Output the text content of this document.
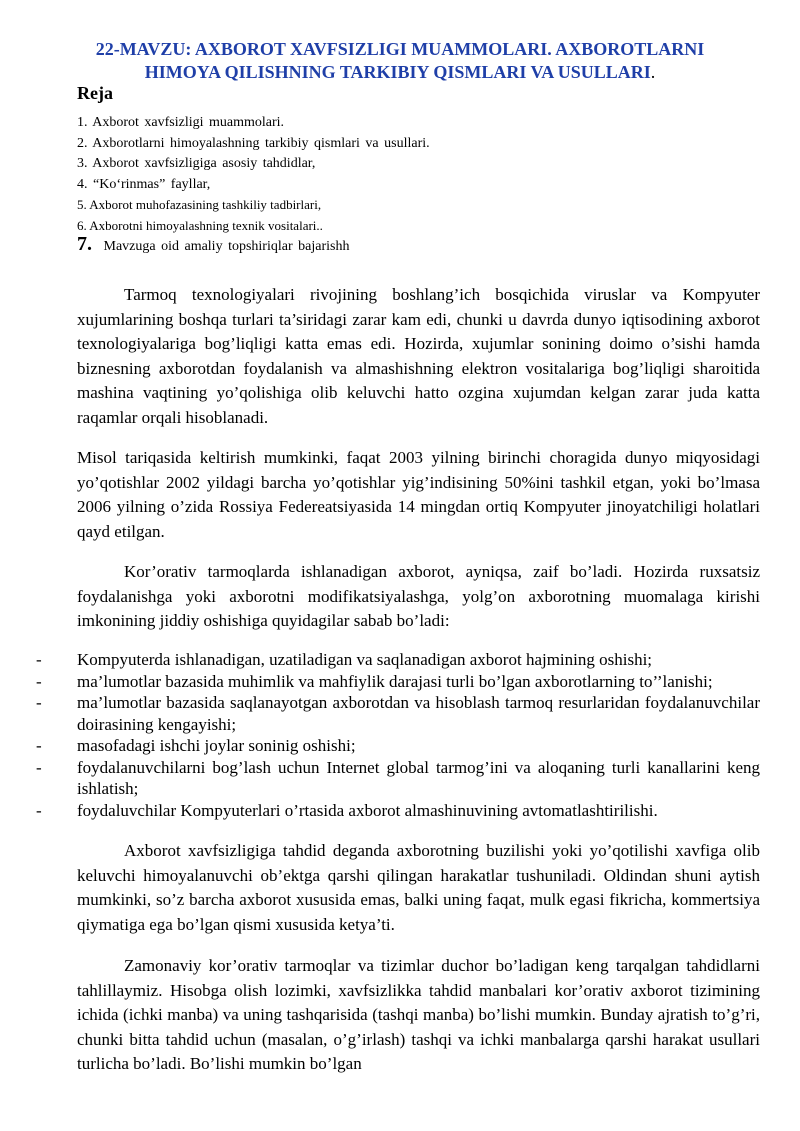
22-MAVZU: AXBOROT XAVFSIZLIGI MUAMMOLARI. AXBOROTLARNI
HIMOYA QILISHNING TARKIBIY QISMLARI VA USULLARI.
Reja
1. Axborot xavfsizligi muammolari.
2. Axborotlarni himoyalashning tarkibiy qismlari va usullari.
3. Axborot xavfsizligiga asosiy tahdidlar,
4. “Ko‘rinmas” fayllar,
5. Axborot muhofazasining tashkiliy tadbirlari,
6. Axborotni himoyalashning texnik vositalari..
7. Mavzuga oid amaliy topshiriqlar bajarishh

Tarmoq texnologiyalari rivojining boshlang’ich bosqichida viruslar va Kompyuter xujumlarining boshqa turlari ta’siridagi zarar kam edi, chunki u davrda dunyo iqtisodining axborot texnologiyalariga bog’liqligi katta emas edi. Hozirda, xujumlar sonining doimo o’sishi hamda biznesning axborotdan foydalanish va almashishning elektron vositalariga bog’liqligi sharoitida mashina vaqtining yo’qolishiga olib keluvchi hatto ozgina xujumdan kelgan zarar juda katta raqamlar orqali hisoblanadi.

Misol tariqasida keltirish mumkinki, faqat 2003 yilning birinchi choragida dunyo miqyosidagi yo’qotishlar 2002 yildagi barcha yo’qotishlar yig’indisining 50%ini tashkil etgan, yoki bo’lmasa 2006 yilning o’zida Rossiya Federeatsiyasida 14 mingdan ortiq Kompyuter jinoyatchiligi holatlari qayd etilgan.

Kor’orativ tarmoqlarda ishlanadigan axborot, ayniqsa, zaif bo’ladi. Hozirda ruxsatsiz foydalanishga yoki axborotni modifikatsiyalashga, yolg’on axborotning muomalaga kirishi imkonining jiddiy oshishiga quyidagilar sabab bo’ladi:

- Kompyuterda ishlanadigan, uzatiladigan va saqlanadigan axborot hajmining oshishi;
- ma’lumotlar bazasida muhimlik va mahfiylik darajasi turli bo’lgan axborotlarning to’’lanishi;
- ma’lumotlar bazasida saqlanayotgan axborotdan va hisoblash tarmoq resurlaridan foydalanuvchilar doirasining kengayishi;
- masofadagi ishchi joylar soninig oshishi;
- foydalanuvchilarni bog’lash uchun Internet global tarmog’ini va aloqaning turli kanallarini keng ishlatish;
- foydaluvchilar Kompyuterlari o’rtasida axborot almashinuvining avtomatlashtirilishi.

Axborot xavfsizligiga tahdid deganda axborotning buzilishi yoki yo’qotilishi xavfiga olib keluvchi himoyalanuvchi ob’ektga qarshi qilingan harakatlar tushuniladi. Oldindan shuni aytish mumkinki, so’z barcha axborot xususida emas, balki uning faqat, mulk egasi fikricha, kommertsiya qiymatiga ega bo’lgan qismi xususida ketya’ti.

Zamonaviy kor’orativ tarmoqlar va tizimlar duchor bo’ladigan keng tarqalgan tahdidlarni tahlillaymiz. Hisobga olish lozimki, xavfsizlikka tahdid manbalari kor’orativ axborot tizimining ichida (ichki manba) va uning tashqarisida (tashqi manba) bo’lishi mumkin. Bunday ajratish to’g’ri, chunki bitta tahdid uchun (masalan, o’g’irlash) tashqi va ichki manbalarga qarshi harakat usullari turlicha bo’ladi. Bo’lishi mumkin bo’lgan
